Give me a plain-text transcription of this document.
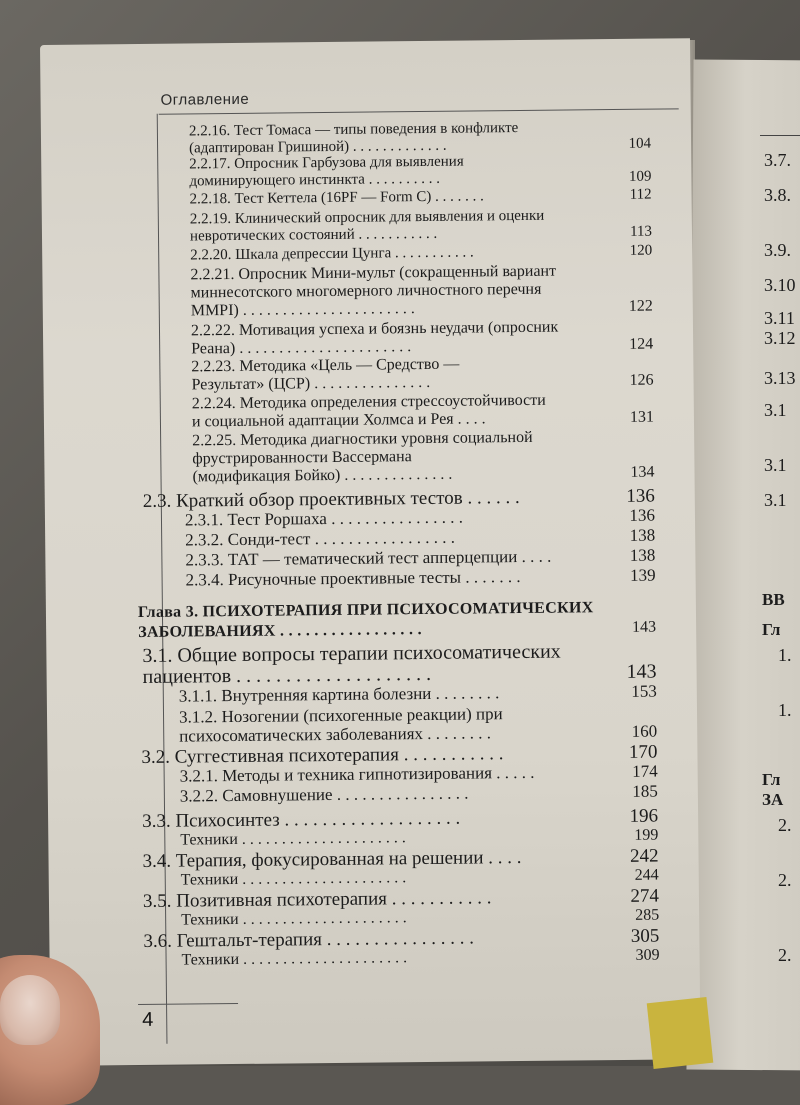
3.7.
3.8.
3.9.
3.10
3.11
3.12
3.13
3.1
3.1
3.1
ВВ
Гл
1.
1.
Гл
ЗА
2.
2.
2.
Оглавление
2.2.16. Тест Томаса — типы поведения в конфликте
(адаптирован Гришиной) . . . . . . . . . . . . .	104
2.2.17. Опросник Гарбузова для выявления
доминирующего инстинкта . . . . . . . . . .	109
2.2.18. Тест Кеттела (16PF — Form C) . . . . . . .	112
2.2.19. Клинический опросник для выявления и оценки
невротических состояний . . . . . . . . . . .	113
2.2.20. Шкала депрессии Цунга . . . . . . . . . . .	120
2.2.21. Опросник Мини-мульт (сокращенный вариант
миннесотского многомерного личностного перечня
MMPI) . . . . . . . . . . . . . . . . . . . . . .	122
2.2.22. Мотивация успеха и боязнь неудачи (опросник
Реана) . . . . . . . . . . . . . . . . . . . . . .	124
2.2.23. Методика «Цель — Средство —
Результат» (ЦСР) . . . . . . . . . . . . . . .	126
2.2.24. Методика определения стрессоустойчивости
и социальной адаптации Холмса и Рея . . . .	131
2.2.25. Методика диагностики уровня социальной
фрустрированности Вассермана
(модификация Бойко) . . . . . . . . . . . . . .	134
2.3. Краткий обзор проективных тестов . . . . . .	136
2.3.1. Тест Роршаха . . . . . . . . . . . . . . . .	136
2.3.2. Сонди-тест . . . . . . . . . . . . . . . . .	138
2.3.3. ТАТ — тематический тест апперцепции . . . .	138
2.3.4. Рисуночные проективные тесты . . . . . . .	139
Глава 3. ПСИХОТЕРАПИЯ ПРИ ПСИХОСОМАТИЧЕСКИХ
ЗАБОЛЕВАНИЯХ . . . . . . . . . . . . . . . . .	143
3.1. Общие вопросы терапии психосоматических
пациентов . . . . . . . . . . . . . . . . . . . .	143
3.1.1. Внутренняя картина болезни . . . . . . . .	153
3.1.2. Нозогении (психогенные реакции) при
психосоматических заболеваниях . . . . . . . .	160
3.2. Суггестивная психотерапия . . . . . . . . . . .	170
3.2.1. Методы и техника гипнотизирования . . . . .	174
3.2.2. Самовнушение . . . . . . . . . . . . . . . .	185
3.3. Психосинтез . . . . . . . . . . . . . . . . . . .	196
Техники . . . . . . . . . . . . . . . . . . . . .	199
3.4. Терапия, фокусированная на решении . . . .	242
Техники . . . . . . . . . . . . . . . . . . . . .	244
3.5. Позитивная психотерапия . . . . . . . . . . .	274
Техники . . . . . . . . . . . . . . . . . . . . .	285
3.6. Гештальт-терапия . . . . . . . . . . . . . . . .	305
Техники . . . . . . . . . . . . . . . . . . . . .	309
4
